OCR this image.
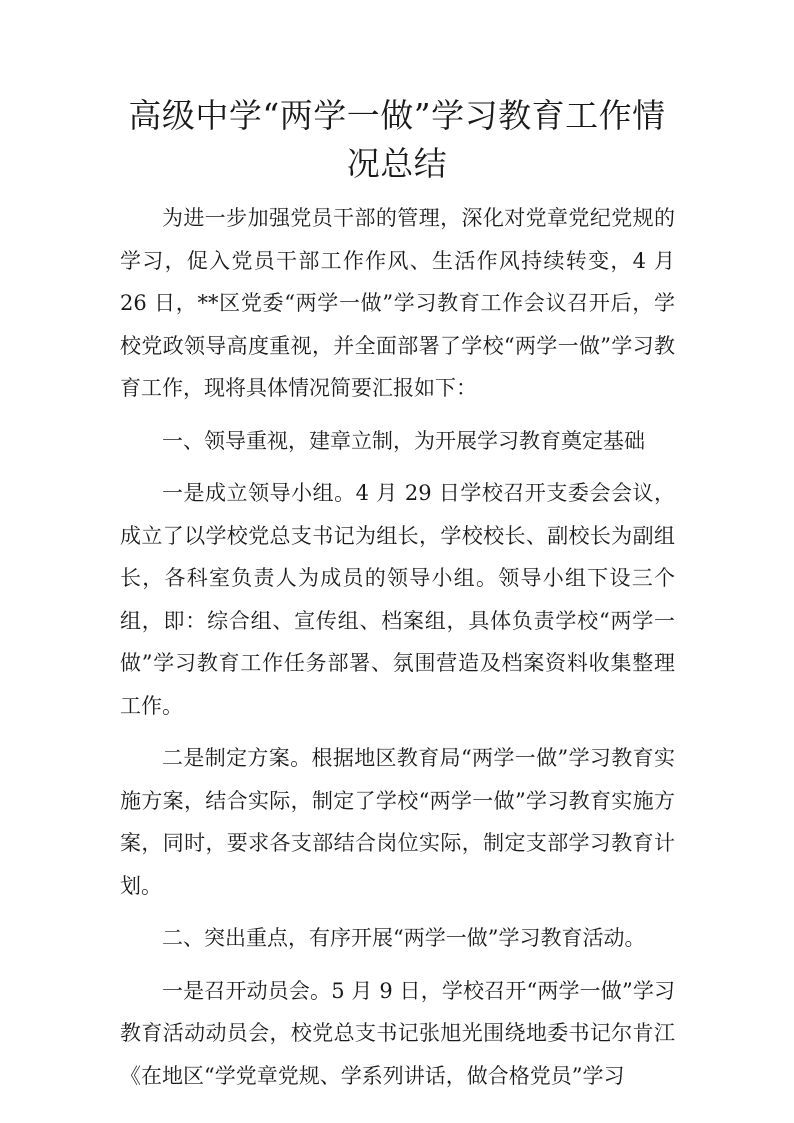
高级中学“两学一做”学习教育工作情况总结

为进一步加强党员干部的管理，深化对党章党纪党规的学习，促入党员干部工作作风、生活作风持续转变，4 月 26 日，**区党委“两学一做”学习教育工作会议召开后，学校党政领导高度重视，并全面部署了学校“两学一做”学习教育工作，现将具体情况简要汇报如下：

一、领导重视，建章立制，为开展学习教育奠定基础

一是成立领导小组。4 月 29 日学校召开支委会会议，成立了以学校党总支书记为组长，学校校长、副校长为副组长，各科室负责人为成员的领导小组。领导小组下设三个组，即：综合组、宣传组、档案组，具体负责学校“两学一做”学习教育工作任务部署、氛围营造及档案资料收集整理工作。

二是制定方案。根据地区教育局“两学一做”学习教育实施方案，结合实际，制定了学校“两学一做”学习教育实施方案，同时，要求各支部结合岗位实际，制定支部学习教育计划。

二、突出重点，有序开展“两学一做”学习教育活动。

一是召开动员会。5 月 9 日，学校召开“两学一做”学习教育活动动员会，校党总支书记张旭光围绕地委书记尔肯江《在地区“学党章党规、学系列讲话，做合格党员”学习
